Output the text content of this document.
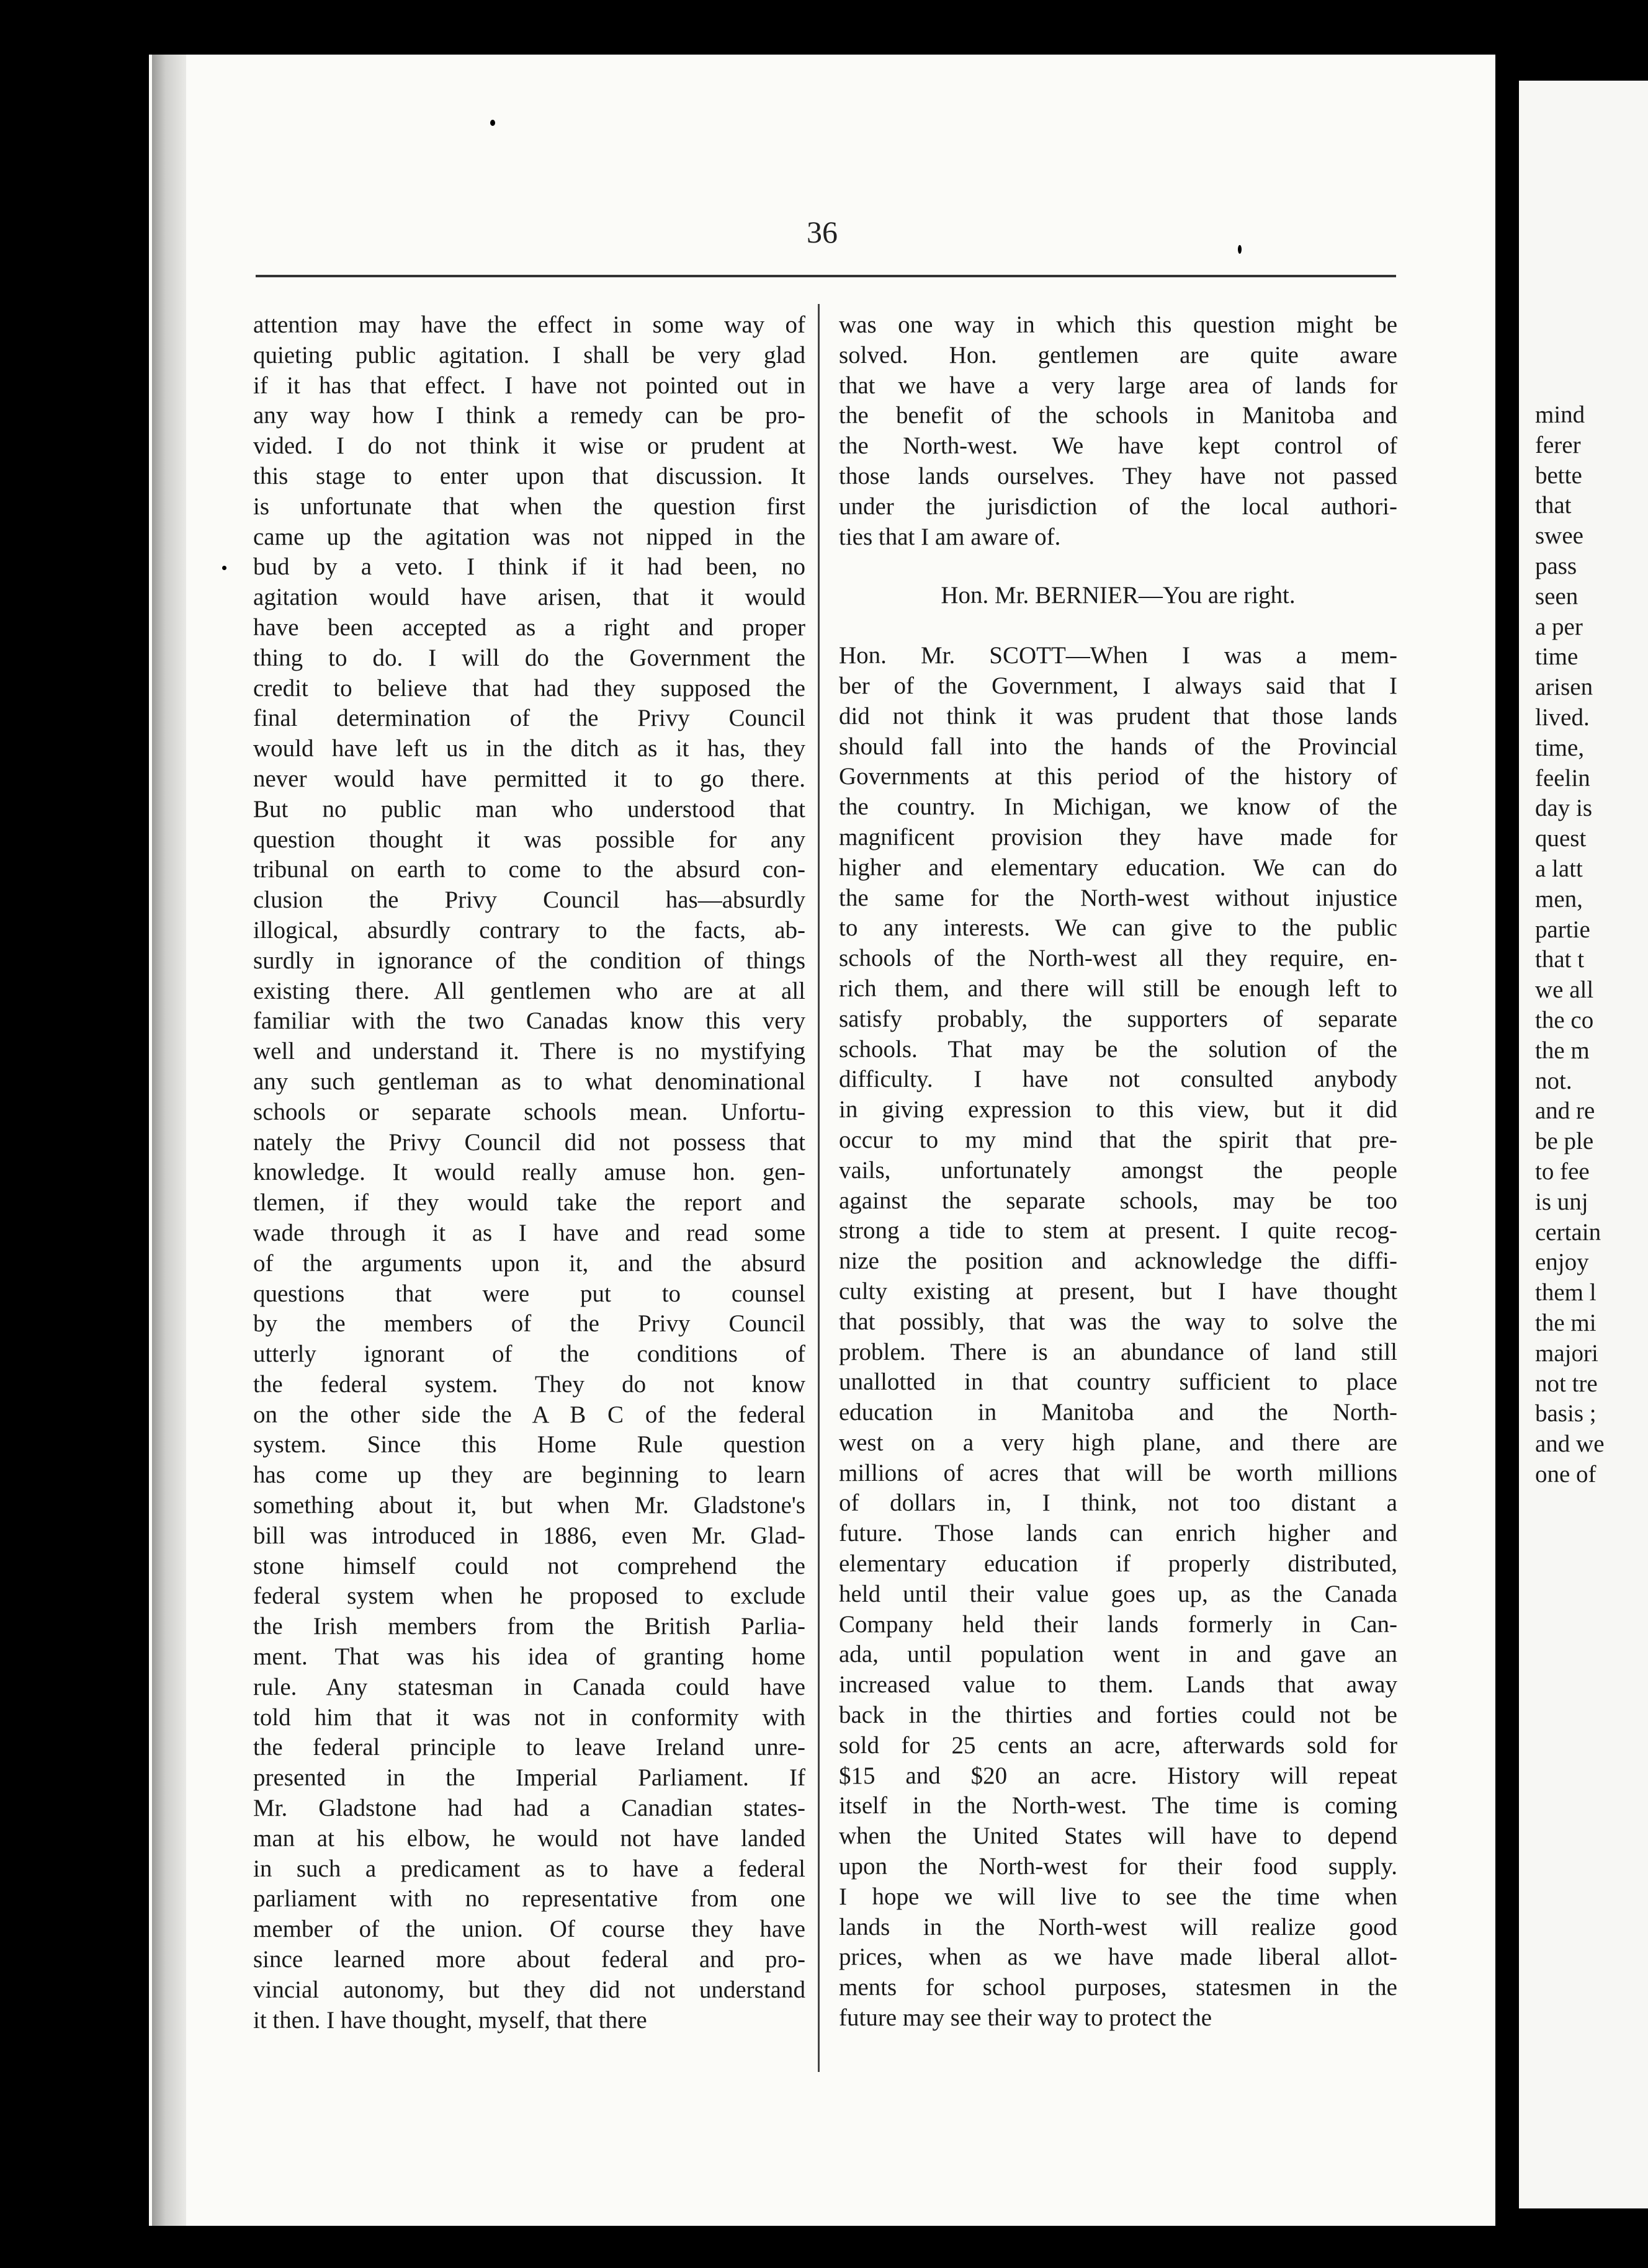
mind
ferer
bette
that
swee
pass
seen
a per
time
arisen
lived.
time,
feelin
day is
quest
a latt
men,
partie
that t
we all
the co
the m
not.
and re
be ple
to fee
is unj
certain
enjoy
them l
the mi
majori
not tre
basis ;
and we
one of
36
attention may have the effect in some way of
quieting public agitation. I shall be very glad
if it has that effect. I have not pointed out in
any way how I think a remedy can be pro-
vided. I do not think it wise or prudent at
this stage to enter upon that discussion. It
is unfortunate that when the question first
came up the agitation was not nipped in the
bud by a veto. I think if it had been, no
agitation would have arisen, that it would
have been accepted as a right and proper
thing to do. I will do the Government the
credit to believe that had they supposed the
final determination of the Privy Council
would have left us in the ditch as it has, they
never would have permitted it to go there.
But no public man who understood that
question thought it was possible for any
tribunal on earth to come to the absurd con-
clusion the Privy Council has—absurdly
illogical, absurdly contrary to the facts, ab-
surdly in ignorance of the condition of things
existing there. All gentlemen who are at all
familiar with the two Canadas know this very
well and understand it. There is no mystifying
any such gentleman as to what denominational
schools or separate schools mean. Unfortu-
nately the Privy Council did not possess that
knowledge. It would really amuse hon. gen-
tlemen, if they would take the report and
wade through it as I have and read some
of the arguments upon it, and the absurd
questions that were put to counsel
by the members of the Privy Council
utterly ignorant of the conditions of
the federal system. They do not know
on the other side the A B C of the federal
system. Since this Home Rule question
has come up they are beginning to learn
something about it, but when Mr. Gladstone's
bill was introduced in 1886, even Mr. Glad-
stone himself could not comprehend the
federal system when he proposed to exclude
the Irish members from the British Parlia-
ment. That was his idea of granting home
rule. Any statesman in Canada could have
told him that it was not in conformity with
the federal principle to leave Ireland unre-
presented in the Imperial Parliament. If
Mr. Gladstone had had a Canadian states-
man at his elbow, he would not have landed
in such a predicament as to have a federal
parliament with no representative from one
member of the union. Of course they have
since learned more about federal and pro-
vincial autonomy, but they did not understand
it then. I have thought, myself, that there
was one way in which this question might be
solved. Hon. gentlemen are quite aware
that we have a very large area of lands for
the benefit of the schools in Manitoba and
the North-west. We have kept control of
those lands ourselves. They have not passed
under the jurisdiction of the local authori-
ties that I am aware of.
Hon. Mr. BERNIER—You are right.
Hon. Mr. SCOTT—When I was a mem-
ber of the Government, I always said that I
did not think it was prudent that those lands
should fall into the hands of the Provincial
Governments at this period of the history of
the country. In Michigan, we know of the
magnificent provision they have made for
higher and elementary education. We can do
the same for the North-west without injustice
to any interests. We can give to the public
schools of the North-west all they require, en-
rich them, and there will still be enough left to
satisfy probably, the supporters of separate
schools. That may be the solution of the
difficulty. I have not consulted anybody
in giving expression to this view, but it did
occur to my mind that the spirit that pre-
vails, unfortunately amongst the people
against the separate schools, may be too
strong a tide to stem at present. I quite recog-
nize the position and acknowledge the diffi-
culty existing at present, but I have thought
that possibly, that was the way to solve the
problem. There is an abundance of land still
unallotted in that country sufficient to place
education in Manitoba and the North-
west on a very high plane, and there are
millions of acres that will be worth millions
of dollars in, I think, not too distant a
future. Those lands can enrich higher and
elementary education if properly distributed,
held until their value goes up, as the Canada
Company held their lands formerly in Can-
ada, until population went in and gave an
increased value to them. Lands that away
back in the thirties and forties could not be
sold for 25 cents an acre, afterwards sold for
$15 and $20 an acre. History will repeat
itself in the North-west. The time is coming
when the United States will have to depend
upon the North-west for their food supply.
I hope we will live to see the time when
lands in the North-west will realize good
prices, when as we have made liberal allot-
ments for school purposes, statesmen in the
future may see their way to protect the
